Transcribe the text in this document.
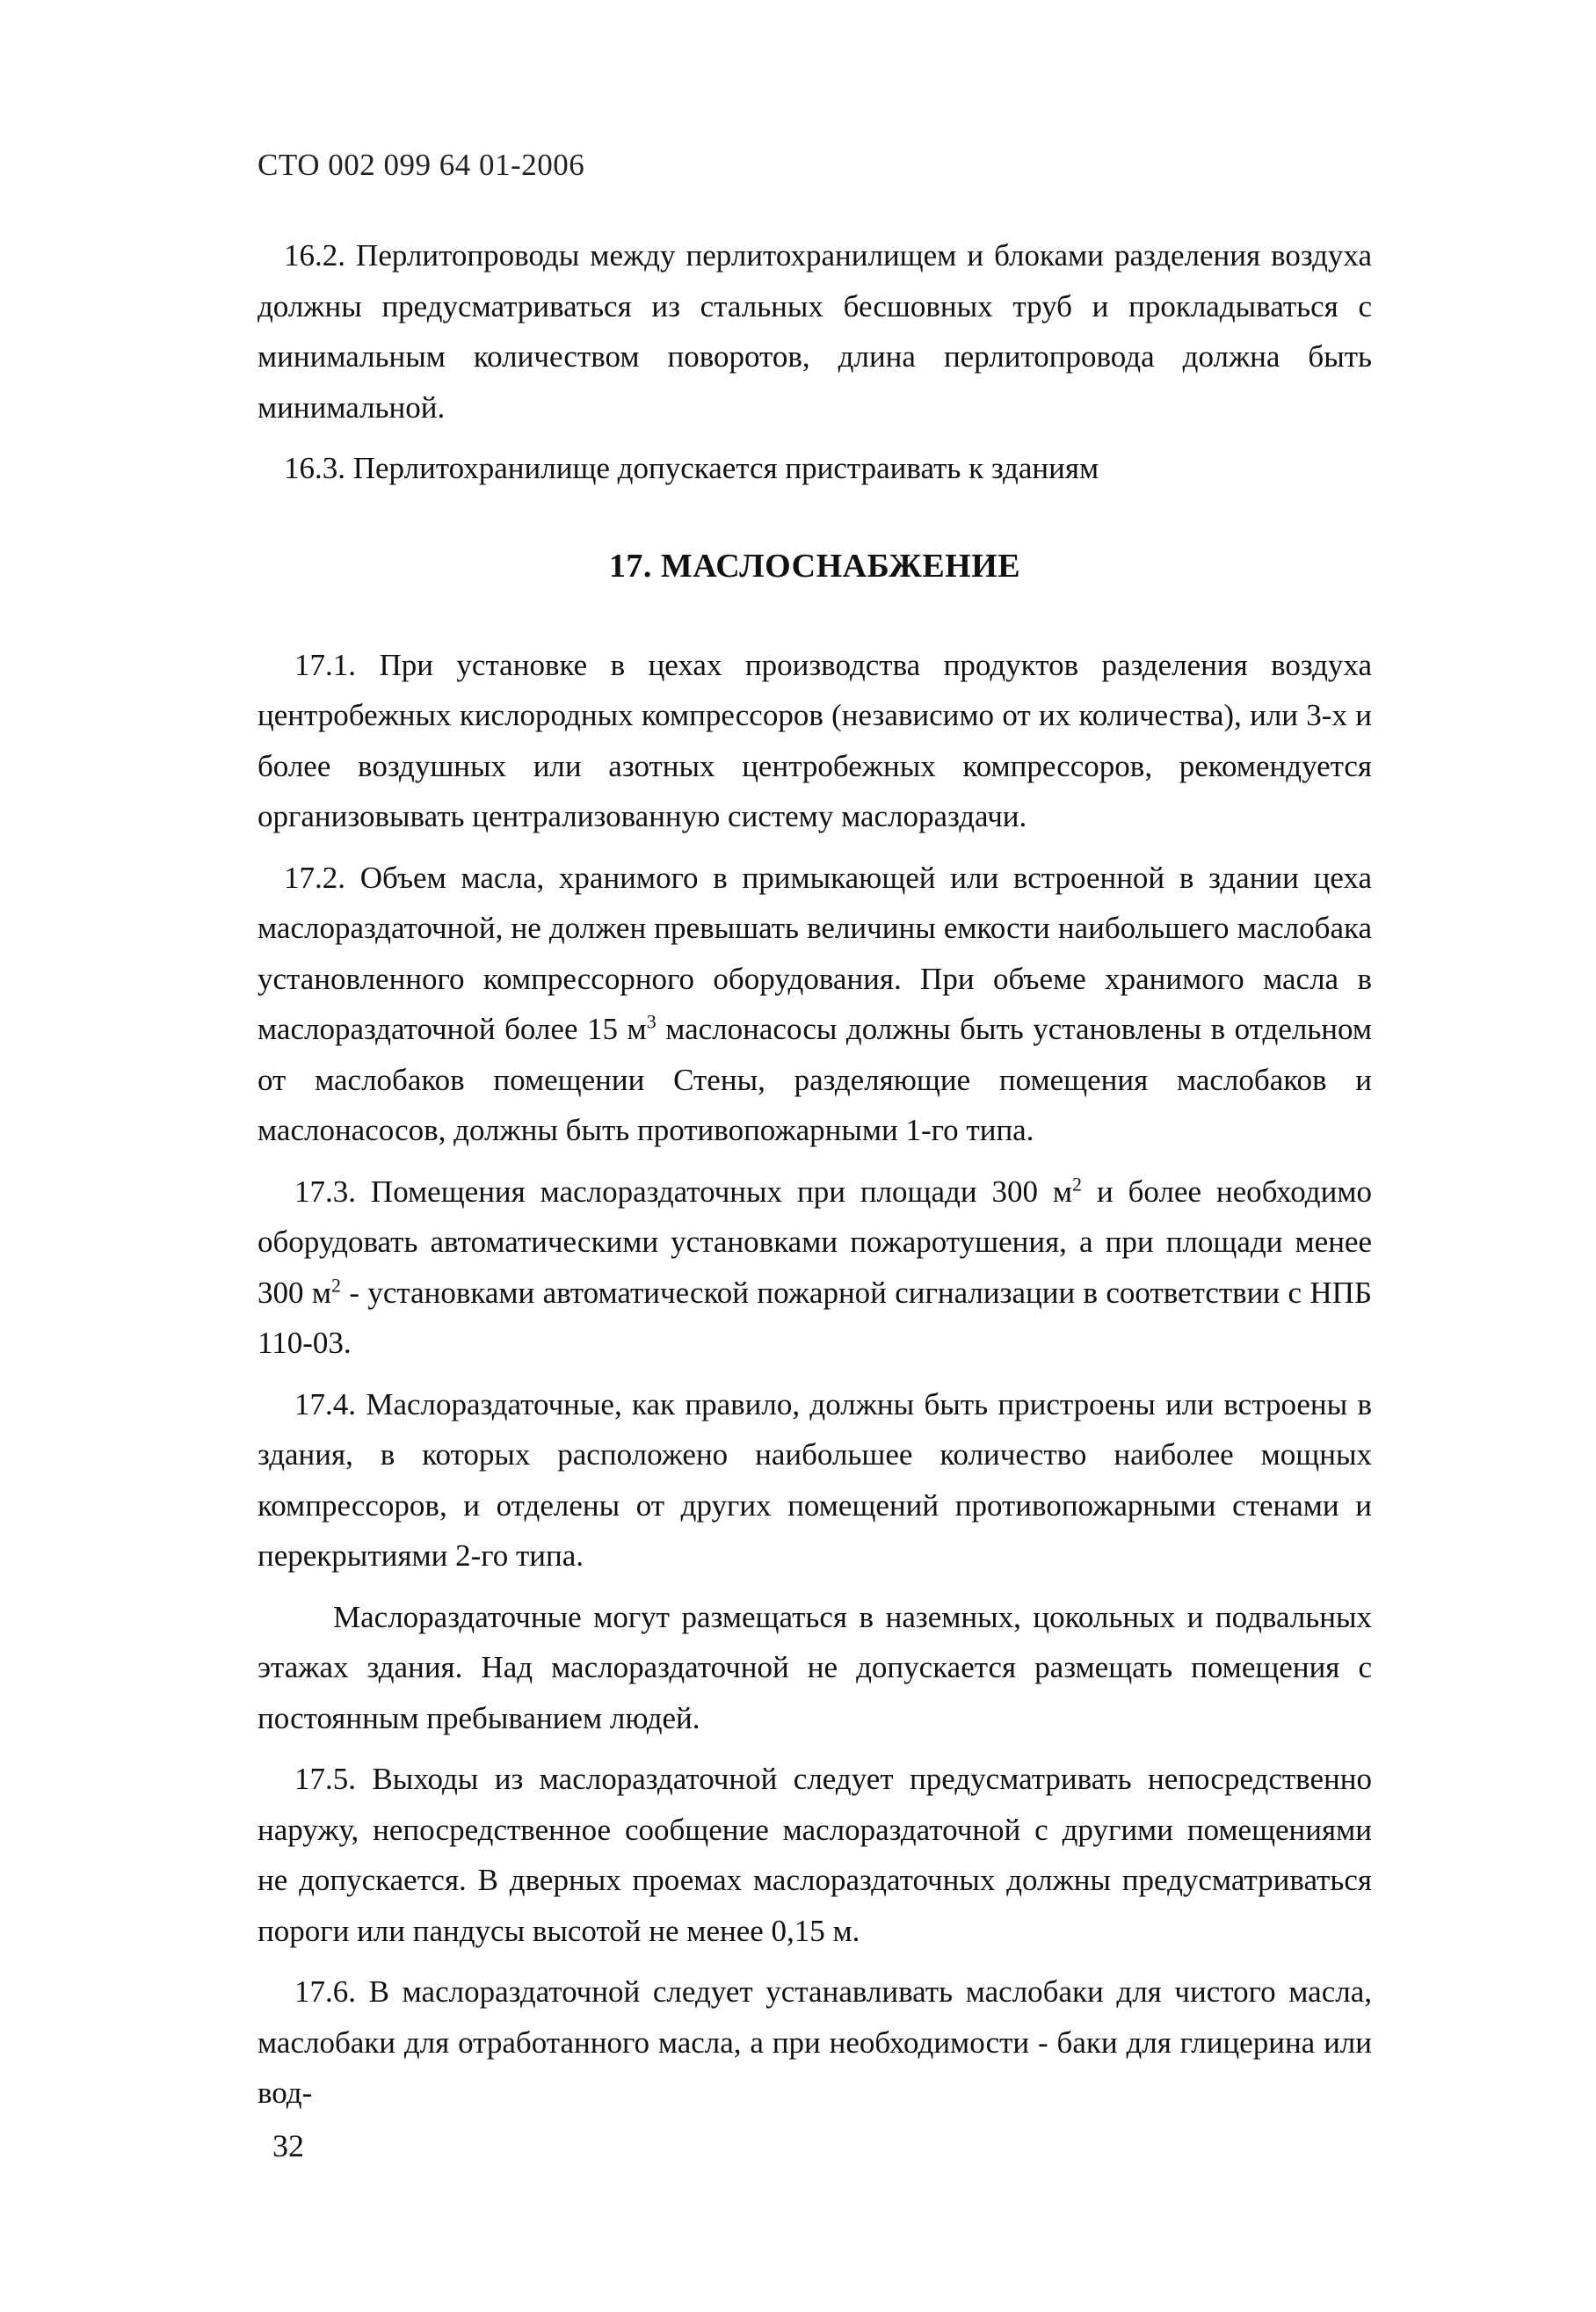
СТО 002 099 64 01-2006

16.2. Перлитопроводы между перлитохранилищем и блоками разделения воздуха должны предусматриваться из стальных бесшовных труб и прокладываться с минимальным количеством поворотов, длина перлитопровода должна быть минимальной.

16.3. Перлитохранилище допускается пристраивать к зданиям

17. МАСЛОСНАБЖЕНИЕ

17.1. При установке в цехах производства продуктов разделения воздуха центробежных кислородных компрессоров (независимо от их количества), или 3-х и более воздушных или азотных центробежных компрессоров, рекомендуется организовывать централизованную систему маслораздачи.

17.2. Объем масла, хранимого в примыкающей или встроенной в здании цеха маслораздаточной, не должен превышать величины емкости наибольшего маслобака установленного компрессорного оборудования. При объеме хранимого масла в маслораздаточной более 15 $м^3$ маслонасосы должны быть установлены в отдельном от маслобаков помещении Стены, разделяющие помещения маслобаков и маслонасосов, должны быть противопожарными 1-го типа.

17.3. Помещения маслораздаточных при площади 300 $м^2$ и более необходимо оборудовать автоматическими установками пожаротушения, а при площади менее 300 $м^2$ - установками автоматической пожарной сигнализации в соответствии с НПБ 110-03.

17.4. Маслораздаточные, как правило, должны быть пристроены или встроены в здания, в которых расположено наибольшее количество наиболее мощных компрессоров, и отделены от других помещений противопожарными стенами и перекрытиями 2-го типа.

Маслораздаточные могут размещаться в наземных, цокольных и подвальных этажах здания. Над маслораздаточной не допускается размещать помещения с постоянным пребыванием людей.

17.5. Выходы из маслораздаточной следует предусматривать непосредственно наружу, непосредственное сообщение маслораздаточной с другими помещениями не допускается. В дверных проемах маслораздаточных должны предусматриваться пороги или пандусы высотой не менее 0,15 м.

17.6. В маслораздаточной следует устанавливать маслобаки для чистого масла, маслобаки для отработанного масла, а при необходимости - баки для глицерина или вод-

32
